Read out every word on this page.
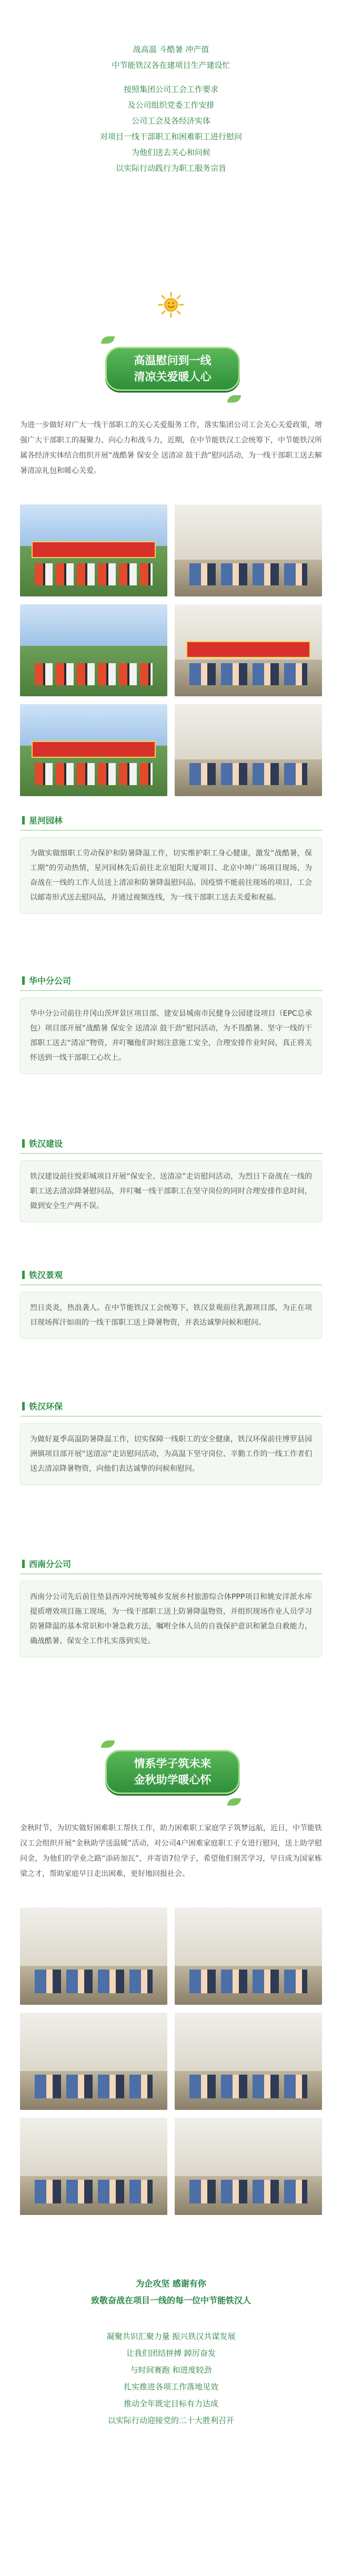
战高温 斗酷暑 冲产值
中节能铁汉各在建项目生产建设忙
按照集团公司工会工作要求
及公司组织党委工作安排
公司工会及各经济实体
对项目一线干部职工和困难职工进行慰问
为他们送去关心和问候
以实际行动践行为职工服务宗旨
高温慰问到一线
清凉关爱暖人心
为进一步做好对广大一线干部职工的关心关爱服务工作，落实集团公司工会关心关爱政策，增强广大干部职工的凝聚力、向心力和战斗力，近期，在中节能铁汉工会统筹下，中节能铁汉所属各经济实体结合组织开展“战酷暑 保安全 送清凉 鼓干劲”慰问活动，为一线干部职工送去解暑清凉礼包和暖心关爱。
星河园林
为做实做细职工劳动保护和防暑降温工作，切实维护职工身心健康，激发“战酷暑，保工期”的劳动热情，星河园林先后前往北京旭阳大厦项目、北京中坤广场项目现场，为奋战在一线的工作人员送上清凉和防暑降温慰问品。因疫情不能前往现场的项目，工会以邮寄形式送去慰问品，并通过视频连线，为一线干部职工送去关爱和祝福。
华中分公司
华中分公司前往井冈山茨坪景区项目部、建安县城南市民健身公园建设项目（EPC总承包）项目部开展“战酷暑 保安全 送清凉 鼓干劲”慰问活动，为不畏酷暑、坚守一线的干部职工送去“清凉”物资，并叮嘱他们时刻注意施工安全，合理安排作业时间，真正将关怀送到一线干部职工心坎上。
铁汉建设
铁汉建设前往悦彩城项目开展“保安全、送清凉”走访慰问活动，为烈日下奋战在一线的职工送去清凉降暑慰问品，并叮嘱一线干部职工在坚守岗位的同时合理安排作息时间，做到安全生产两不误。
铁汉景观
烈日炎炎，热浪袭人。在中节能铁汉工会统筹下，铁汉景观前往乳源项目部，为正在项目现场挥汗如雨的一线干部职工送上降暑物资，并表达诚挚问候和慰问。
铁汉环保
为做好夏季高温防暑降温工作，切实保障一线职工的安全健康，铁汉环保前往博罗县园洲镇项目部开展“送清凉”走访慰问活动，为高温下坚守岗位、辛勤工作的一线工作者们送去清凉降暑物资，向他们表达诚挚的问候和慰问。
西南分公司
西南分公司先后前往垫县西冲河统筹城乡发展乡村旅游综合体PPP项目和姚安洋派水库提质增效项目施工现场，为一线干部职工送上防暑降温物资，并组织现场作业人员学习防暑降温的基本常识和中暑急救方法，嘱咐全体人员的自我保护意识和紧急自救能力，确战酷暑、保安全工作扎实落到实处。
情系学子筑未来
金秋助学暖心怀
金秋时节，为切实做好困难职工帮扶工作，助力困难职工家庭学子筑梦远航，近日，中节能铁汉工会组织开展“金秋助学送温暖”活动，对公司4户困难家庭职工子女进行慰问，送上助学慰问金，为他们的学业之路“添砖加瓦”，并寄语7位学子，希望他们刻苦学习，早日成为国家栋梁之才，帮助家庭早日走出困难，更好地回报社会。
为企攻坚 感谢有你
致敬奋战在项目一线的每一位中节能铁汉人
凝聚共识汇聚力量 振兴铁汉共谋发展
让我们团结拼搏 踔厉奋发
与时间赛跑 和进度较劲
扎实推进各项工作落地见效
推动全年既定目标有力达成
以实际行动迎接党的二十大胜利召开
